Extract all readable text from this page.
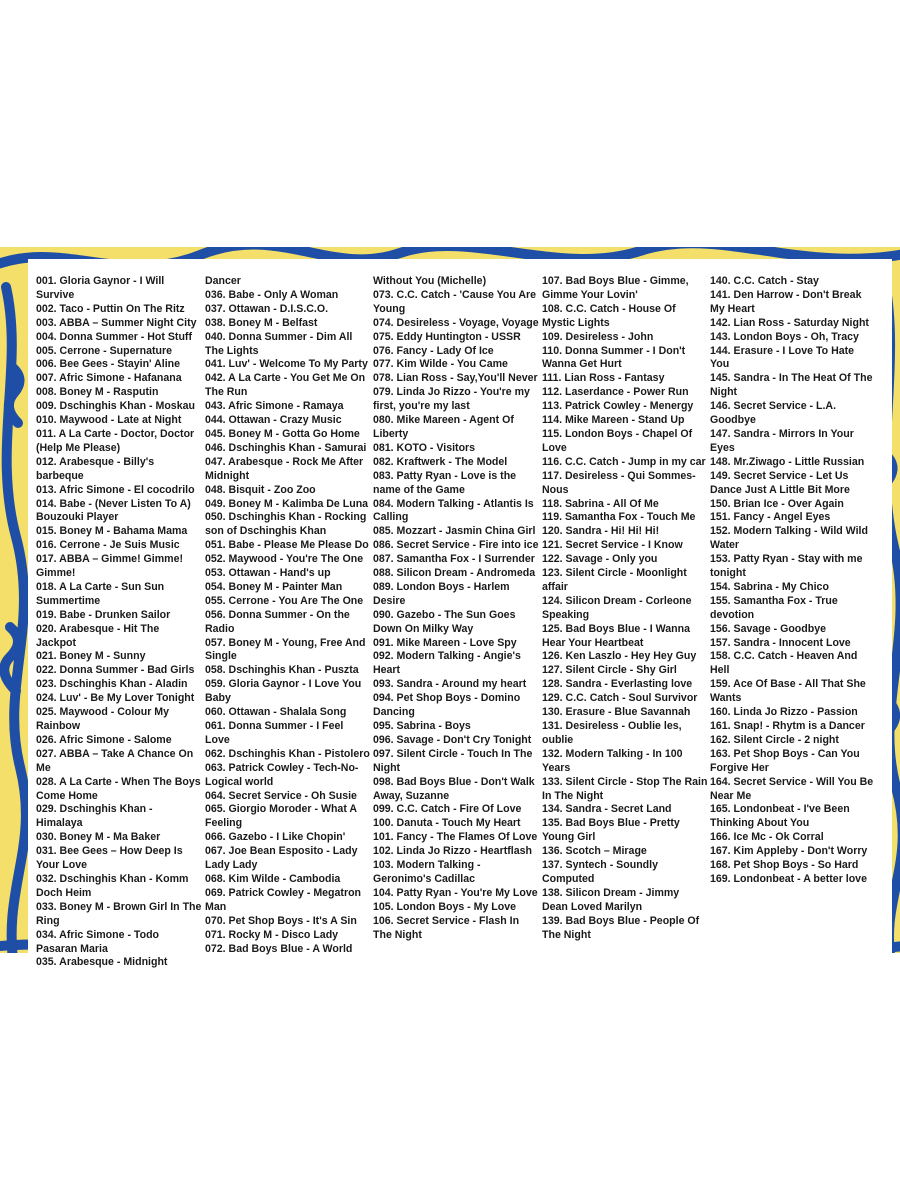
001. Gloria Gaynor - I Will Survive
002. Taco - Puttin On The Ritz
003. ABBA – Summer Night City
004. Donna Summer - Hot Stuff
005. Cerrone - Supernature
006. Bee Gees - Stayin' Aline
007. Afric Simone - Hafanana
008. Boney M - Rasputin
009. Dschinghis Khan - Moskau
010. Maywood - Late at Night
011. A La Carte - Doctor, Doctor (Help Me Please)
012. Arabesque - Billy's barbeque
013. Afric Simone - El cocodrilo
014. Babe - (Never Listen To A) Bouzouki Player
015. Boney M - Bahama Mama
016. Cerrone - Je Suis Music
017. ABBA – Gimme! Gimme! Gimme!
018. A La Carte - Sun Sun Summertime
019. Babe - Drunken Sailor
020. Arabesque - Hit The Jackpot
021. Boney M - Sunny
022. Donna Summer - Bad Girls
023. Dschinghis Khan - Aladin
024. Luv' - Be My Lover Tonight
025. Maywood - Colour My Rainbow
026. Afric Simone - Salome
027. ABBA – Take A Chance On Me
028. A La Carte - When The Boys Come Home
029. Dschinghis Khan - Himalaya
030. Boney M - Ma Baker
031. Bee Gees – How Deep Is Your Love
032. Dschinghis Khan - Komm Doch Heim
033. Boney M - Brown Girl In The Ring
034. Afric Simone - Todo Pasaran Maria
035. Arabesque - Midnight
Dancer
036. Babe - Only A Woman
037. Ottawan - D.I.S.C.O.
038. Boney M - Belfast
040. Donna Summer - Dim All The Lights
041. Luv' - Welcome To My Party
042. A La Carte - You Get Me On The Run
043. Afric Simone - Ramaya
044. Ottawan - Crazy Music
045. Boney M - Gotta Go Home
046. Dschinghis Khan - Samurai
047. Arabesque - Rock Me After Midnight
048. Bisquit - Zoo Zoo
049. Boney M - Kalimba De Luna
050. Dschinghis Khan - Rocking son of Dschinghis Khan
051. Babe - Please Me Please Do
052. Maywood - You're The One
053. Ottawan - Hand's up
054. Boney M - Painter Man
055. Cerrone - You Are The One
056. Donna Summer - On the Radio
057. Boney M - Young, Free And Single
058. Dschinghis Khan - Puszta
059. Gloria Gaynor - I Love You Baby
060. Ottawan - Shalala Song
061. Donna Summer - I Feel Love
062. Dschinghis Khan - Pistolero
063. Patrick Cowley - Tech-No-Logical world
064. Secret Service - Oh Susie
065. Giorgio Moroder - What A Feeling
066. Gazebo - I Like Chopin'
067. Joe Bean Esposito - Lady Lady Lady
068. Kim Wilde - Cambodia
069. Patrick Cowley - Megatron Man
070. Pet Shop Boys - It's A Sin
071. Rocky M - Disco Lady
072. Bad Boys Blue - A World
Without You (Michelle)
073. C.C. Catch - 'Cause You Are Young
074. Desireless - Voyage, Voyage
075. Eddy Huntington - USSR
076. Fancy - Lady Of Ice
077. Kim Wilde - You Came
078. Lian Ross - Say,You'll Never
079. Linda Jo Rizzo - You're my first, you're my last
080. Mike Mareen - Agent Of Liberty
081. KOTO - Visitors
082. Kraftwerk - The Model
083. Patty Ryan - Love is the name of the Game
084. Modern Talking - Atlantis Is Calling
085. Mozzart - Jasmin China Girl
086. Secret Service - Fire into ice
087. Samantha Fox - I Surrender
088. Silicon Dream - Andromeda
089. London Boys - Harlem Desire
090. Gazebo - The Sun Goes Down On Milky Way
091. Mike Mareen - Love Spy
092. Modern Talking - Angie's Heart
093. Sandra - Around my heart
094. Pet Shop Boys - Domino Dancing
095. Sabrina - Boys
096. Savage - Don't Cry Tonight
097. Silent Circle - Touch In The Night
098. Bad Boys Blue - Don't Walk Away, Suzanne
099. C.C. Catch - Fire Of Love
100. Danuta - Touch My Heart
101. Fancy - The Flames Of Love
102. Linda Jo Rizzo - Heartflash
103. Modern Talking - Geronimo's Cadillac
104. Patty Ryan - You're My Love
105. London Boys - My Love
106. Secret Service - Flash In The Night
107. Bad Boys Blue - Gimme, Gimme Your Lovin'
108. C.C. Catch - House Of Mystic Lights
109. Desireless - John
110. Donna Summer - I Don't Wanna Get Hurt
111. Lian Ross - Fantasy
112. Laserdance - Power Run
113. Patrick Cowley - Menergy
114. Mike Mareen - Stand Up
115. London Boys - Chapel Of Love
116. C.C. Catch - Jump in my car
117. Desireless - Qui Sommes-Nous
118. Sabrina - All Of Me
119. Samantha Fox - Touch Me
120. Sandra - Hi! Hi! Hi!
121. Secret Service - I Know
122. Savage - Only you
123. Silent Circle - Moonlight affair
124. Silicon Dream - Corleone Speaking
125. Bad Boys Blue - I Wanna Hear Your Heartbeat
126. Ken Laszlo - Hey Hey Guy
127. Silent Circle - Shy Girl
128. Sandra - Everlasting love
129. C.C. Catch - Soul Survivor
130. Erasure - Blue Savannah
131. Desireless - Oublie les, oublie
132. Modern Talking - In 100 Years
133. Silent Circle - Stop The Rain In The Night
134. Sandra - Secret Land
135. Bad Boys Blue - Pretty Young Girl
136. Scotch – Mirage
137. Syntech - Soundly Computed
138. Silicon Dream - Jimmy Dean Loved Marilyn
139. Bad Boys Blue - People Of The Night
140. C.C. Catch - Stay
141. Den Harrow - Don't Break My Heart
142. Lian Ross - Saturday Night
143. London Boys - Oh, Tracy
144. Erasure - I Love To Hate You
145. Sandra - In The Heat Of The Night
146. Secret Service - L.A. Goodbye
147. Sandra - Mirrors In Your Eyes
148. Mr.Ziwago - Little Russian
149. Secret Service - Let Us Dance Just A Little Bit More
150. Brian Ice - Over Again
151. Fancy - Angel Eyes
152. Modern Talking - Wild Wild Water
153. Patty Ryan - Stay with me tonight
154. Sabrina - My Chico
155. Samantha Fox - True devotion
156. Savage - Goodbye
157. Sandra - Innocent Love
158. C.C. Catch - Heaven And Hell
159. Ace Of Base - All That She Wants
160. Linda Jo Rizzo - Passion
161. Snap! - Rhytm is a Dancer
162. Silent Circle - 2 night
163. Pet Shop Boys - Can You Forgive Her
164. Secret Service - Will You Be Near Me
165. Londonbeat - I've Been Thinking About You
166. Ice Mc - Ok Corral
167. Kim Appleby - Don't Worry
168. Pet Shop Boys - So Hard
169. Londonbeat - A better love
